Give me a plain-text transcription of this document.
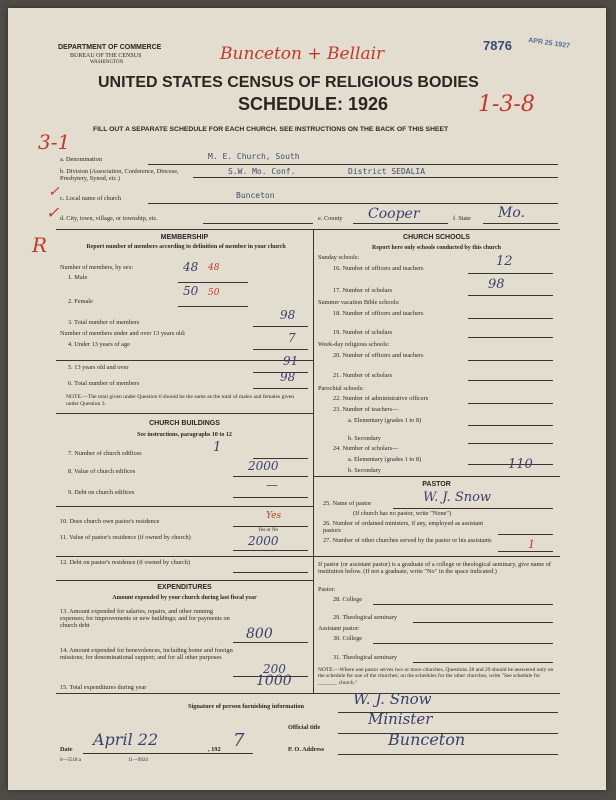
DEPARTMENT OF COMMERCE
BUREAU OF THE CENSUS
WASHINGTON	Bunceton + Bellair	7876 APR 25 1927
UNITED STATES CENSUS OF RELIGIOUS BODIES
SCHEDULE: 1926	1-3-8
3-1
FILL OUT A SEPARATE SCHEDULE FOR EACH CHURCH. SEE INSTRUCTIONS ON THE BACK OF THIS SHEET
a. Denomination	M. E. Church, South
b. Division (Association, Conference, Diocese, Presbytery, Synod, etc.)
S.W. Mo. Conf.	District SEDALIA
c. Local name of church	Bunceton
d. City, town, village, or township, etc.	e. County Cooper	f. State Mo.
MEMBERSHIP
Report number of members according to definition of member in your church
Number of members, by sex:
1. Male
48 48
2. Female
50 50
3. Total number of members
98
Number of members under and over 13 years old:
4. Under 13 years of age	7
5. 13 years old and over	91
6. Total number of members	98
NOTE.—The total given under Question 6 should be the same as the total of males and females given under Question 3.
CHURCH BUILDINGS
See instructions, paragraphs 10 to 12
7. Number of church edifices	1
8. Value of church edifices	2000
9. Debt on church edifices
—
10. Does church own pastor's residence
Yes
Yes or No
11. Value of pastor's residence (if owned by church)	2000
12. Debt on pastor's residence (if owned by church)
EXPENDITURES
Amount expended by your church during last fiscal year
13. Amount expended for salaries, repairs, and other running expenses; for improvements or new buildings; and for payments on church debt
800
14. Amount expended for benevolences, including home and foreign missions; for denominational support; and for all other purposes
200
15. Total expenditures during year	1000
CHURCH SCHOOLS
Report here only schools conducted by this church
Sunday schools:
16. Number of officers and teachers	12
17. Number of scholars	98
Summer vacation Bible schools:
18. Number of officers and teachers
19. Number of scholars
Week-day religious schools:
20. Number of officers and teachers
21. Number of scholars
Parochial schools:
22. Number of administrative officers
23. Number of teachers—
a. Elementary (grades 1 to 8)
b. Secondary
24. Number of scholars—
a. Elementary (grades 1 to 8)
b. Secondary	110
PASTOR
25. Name of pastor	W. J. Snow
(If church has no pastor, write "None")
26. Number of ordained ministers, if any, employed as assistant pastors
27. Number of other churches served by the pastor or his assistants	1
If pastor (or assistant pastor) is a graduate of a college or theological seminary, give name of institution below. (If not a graduate, write "No" in the space indicated.)
Pastor:
28. College
29. Theological seminary
Assistant pastor:
30. College
31. Theological seminary
NOTE.—Where one pastor serves two or more churches, Questions 28 and 29 should be answered only on the schedule for one of the churches; on the schedules for the other churches, write "See schedule for _______ church."
Signature of person furnishing information	W. J. Snow
Official title	Minister
Date
April 22
, 192 7
6—5518 a	11—9924
P. O. Address
Bunceton
✓
R
✓
